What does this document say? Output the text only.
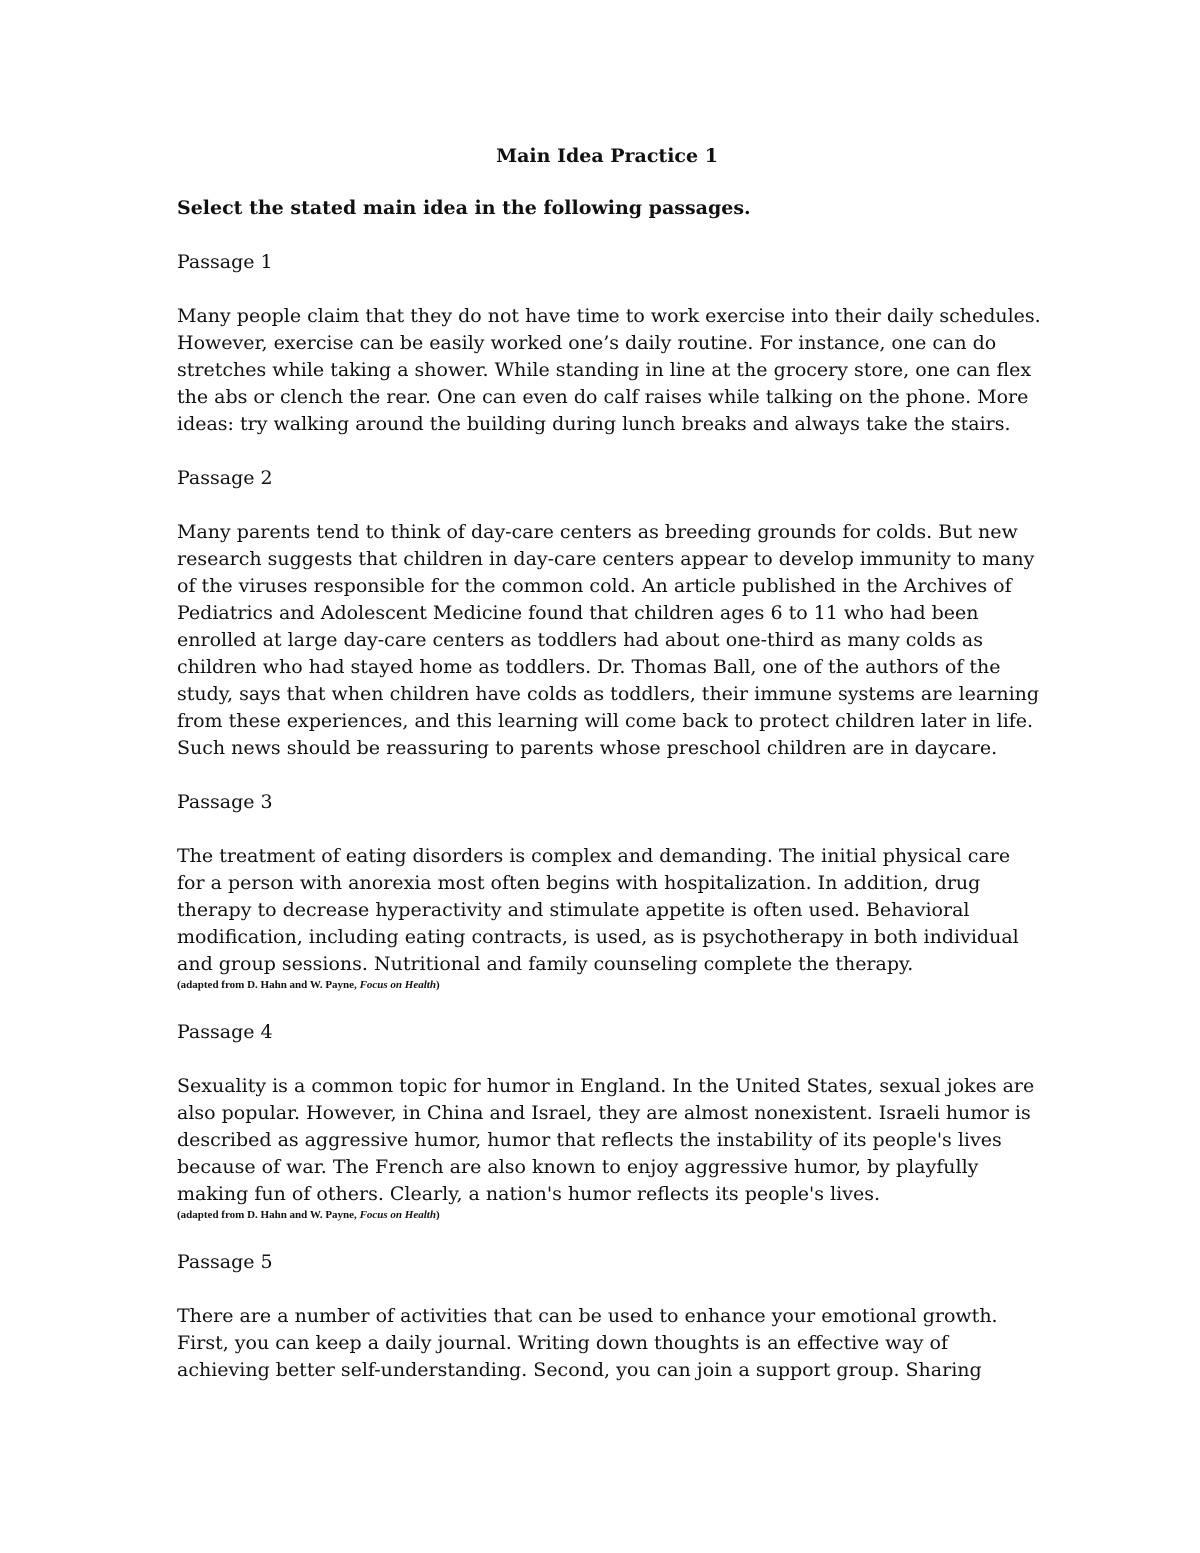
Main Idea Practice 1
Select the stated main idea in the following passages.
Passage 1
Many people claim that they do not have time to work exercise into their daily schedules.
However, exercise can be easily worked one’s daily routine. For instance, one can do
stretches while taking a shower. While standing in line at the grocery store, one can flex
the abs or clench the rear. One can even do calf raises while talking on the phone. More
ideas: try walking around the building during lunch breaks and always take the stairs.
Passage 2
Many parents tend to think of day-care centers as breeding grounds for colds. But new
research suggests that children in day-care centers appear to develop immunity to many
of the viruses responsible for the common cold. An article published in the Archives of
Pediatrics and Adolescent Medicine found that children ages 6 to 11 who had been
enrolled at large day-care centers as toddlers had about one-third as many colds as
children who had stayed home as toddlers. Dr. Thomas Ball, one of the authors of the
study, says that when children have colds as toddlers, their immune systems are learning
from these experiences, and this learning will come back to protect children later in life.
Such news should be reassuring to parents whose preschool children are in daycare.
Passage 3
The treatment of eating disorders is complex and demanding. The initial physical care
for a person with anorexia most often begins with hospitalization. In addition, drug
therapy to decrease hyperactivity and stimulate appetite is often used. Behavioral
modification, including eating contracts, is used, as is psychotherapy in both individual
and group sessions. Nutritional and family counseling complete the therapy.
(adapted from D. Hahn and W. Payne, Focus on Health)
Passage 4
Sexuality is a common topic for humor in England. In the United States, sexual jokes are
also popular. However, in China and Israel, they are almost nonexistent. Israeli humor is
described as aggressive humor, humor that reflects the instability of its people's lives
because of war. The French are also known to enjoy aggressive humor, by playfully
making fun of others. Clearly, a nation's humor reflects its people's lives.
(adapted from D. Hahn and W. Payne, Focus on Health)
Passage 5
There are a number of activities that can be used to enhance your emotional growth.
First, you can keep a daily journal. Writing down thoughts is an effective way of
achieving better self-understanding. Second, you can join a support group. Sharing
